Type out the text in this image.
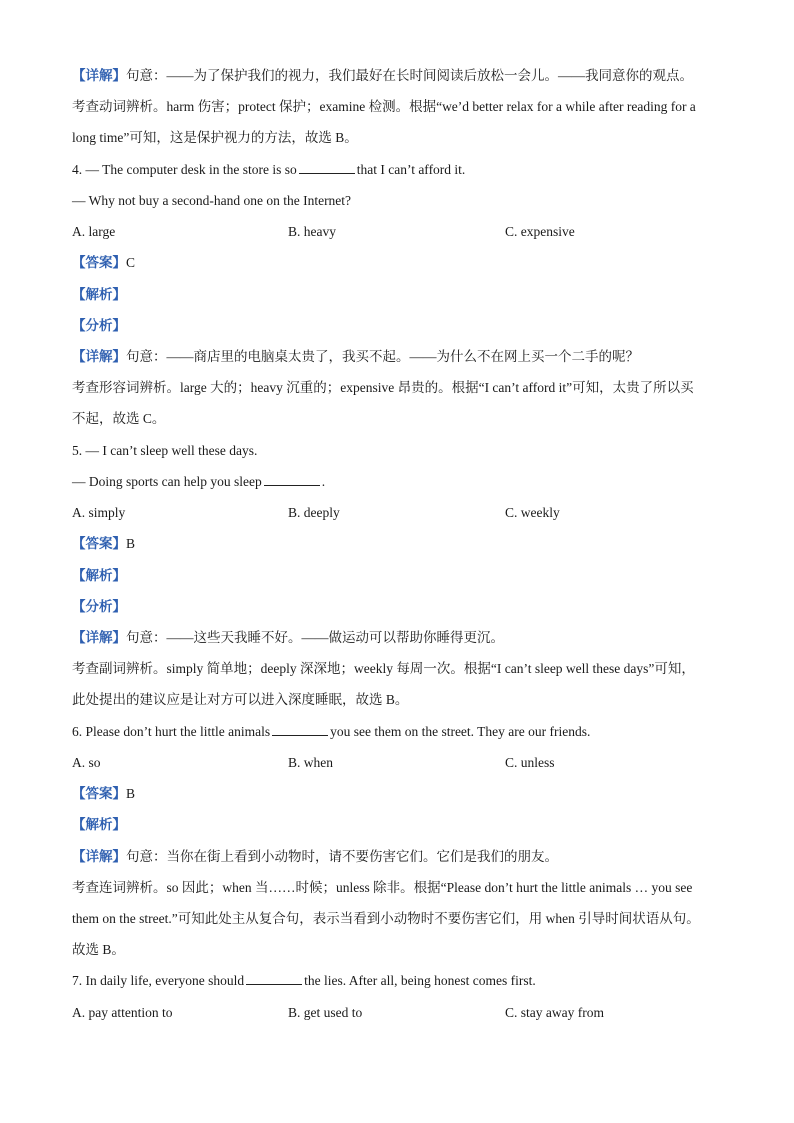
【详解】句意：——为了保护我们的视力，我们最好在长时间阅读后放松一会儿。——我同意你的观点。
考查动词辨析。harm 伤害；protect 保护；examine 检测。根据“we’d better relax for a while after reading for a
long time”可知，这是保护视力的方法，故选 B。
4. — The computer desk in the store is so	that I can’t afford it.
— Why not buy a second-hand one on the Internet?
A. large	B. heavy	C. expensive
【答案】C
【解析】
【分析】
【详解】句意：——商店里的电脑桌太贵了，我买不起。——为什么不在网上买一个二手的呢？
考查形容词辨析。large 大的；heavy 沉重的；expensive 昂贵的。根据“I can’t afford it”可知，太贵了所以买
不起，故选 C。
5. — I can’t sleep well these days.
— Doing sports can help you sleep	.
A. simply	B. deeply	C. weekly
【答案】B
【解析】
【分析】
【详解】句意：——这些天我睡不好。——做运动可以帮助你睡得更沉。
考查副词辨析。simply 简单地；deeply 深深地；weekly 每周一次。根据“I can’t sleep well these days”可知，
此处提出的建议应是让对方可以进入深度睡眠，故选 B。
6. Please don’t hurt the little animals	you see them on the street. They are our friends.
A. so	B. when	C. unless
【答案】B
【解析】
【详解】句意：当你在街上看到小动物时，请不要伤害它们。它们是我们的朋友。
考查连词辨析。so 因此；when 当……时候；unless 除非。根据“Please don’t hurt the little animals … you see
them on the street.”可知此处主从复合句，表示当看到小动物时不要伤害它们，用 when 引导时间状语从句。
故选 B。
7. In daily life, everyone should	the lies. After all, being honest comes first.
A. pay attention to	B. get used to	C. stay away from
